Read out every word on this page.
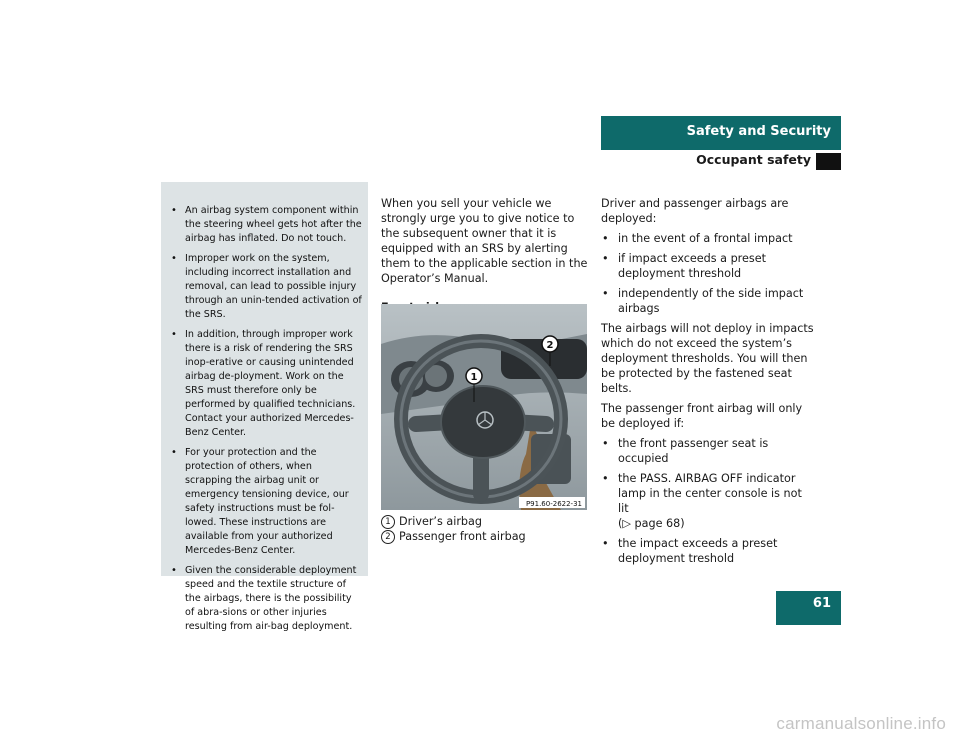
Safety and Security
Occupant safety
• An airbag system component within the steering wheel gets hot after the airbag has inflated. Do not touch.
• Improper work on the system, including incorrect installation and removal, can lead to possible injury through an unin-tended activation of the SRS.
• In addition, through improper work there is a risk of rendering the SRS inop-erative or causing unintended airbag de-ployment. Work on the SRS must therefore only be performed by qualified technicians. Contact your authorized Mercedes-Benz Center.
• For your protection and the protection of others, when scrapping the airbag unit or emergency tensioning device, our safety instructions must be fol-lowed. These instructions are available from your authorized Mercedes-Benz Center.
• Given the considerable deployment speed and the textile structure of the airbags, there is the possibility of abra-sions or other injuries resulting from air-bag deployment.

When you sell your vehicle we strongly urge you to give notice to the subsequent owner that it is equipped with an SRS by alerting them to the applicable section in the Operator’s Manual.

1
2
P91.60-2622-31
1 Driver’s airbag
2 Passenger front airbag

Driver and passenger airbags are deployed:

• in the event of a frontal impact
• if impact exceeds a preset deployment threshold
• independently of the side impact airbags

The airbags will not deploy in impacts which do not exceed the system’s deployment thresholds. You will then be protected by the fastened seat belts.

The passenger front airbag will only be deployed if:

• the front passenger seat is occupied
• the PASS. AIRBAG OFF indicator lamp in the center console is not lit
(▷ page 68)
• the impact exceeds a preset deployment treshold
61
carmanualsonline.info
